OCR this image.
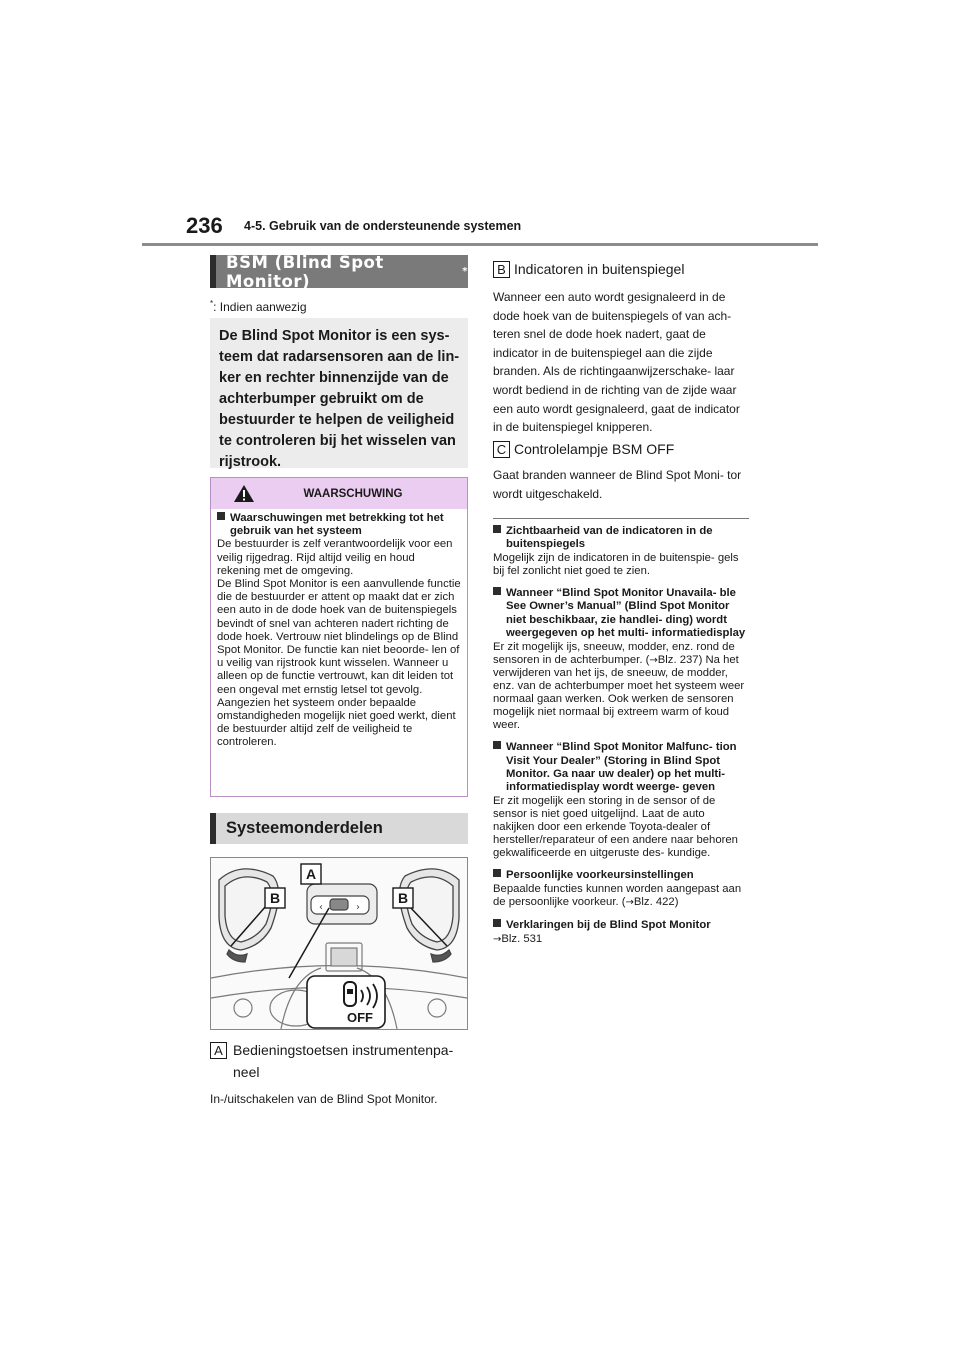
236 4-5. Gebruik van de ondersteunende systemen
BSM (Blind Spot Monitor)	*
*: Indien aanwezig
De Blind Spot Monitor is een sys- teem dat radarsensoren aan de lin- ker en rechter binnenzijde van de achterbumper gebruikt om de bestuurder te helpen de veiligheid te controleren bij het wisselen van rijstrook.
WAARSCHUWING
Waarschuwingen met betrekking tot het gebruik van het systeem
De bestuurder is zelf verantwoordelijk voor een veilig rijgedrag. Rijd altijd veilig en houd rekening met de omgeving.
De Blind Spot Monitor is een aanvullende functie die de bestuurder er attent op maakt dat er zich een auto in de dode hoek van de buitenspiegels bevindt of snel van achteren nadert richting de dode hoek. Vertrouw niet blindelings op de Blind Spot Monitor. De functie kan niet beoorde- len of u veilig van rijstrook kunt wisselen. Wanneer u alleen op de functie vertrouwt, kan dit leiden tot een ongeval met ernstig letsel tot gevolg.
Aangezien het systeem onder bepaalde omstandigheden mogelijk niet goed werkt, dient de bestuurder altijd zelf de veiligheid te controleren.
Systeemonderdelen
‹	›
B	B
A
OFF
A Bedieningstoetsen instrumentenpa- neel
In-/uitschakelen van de Blind Spot Monitor.
B Indicatoren in buitenspiegel
Wanneer een auto wordt gesignaleerd in de dode hoek van de buitenspiegels of van ach- teren snel de dode hoek nadert, gaat de indicator in de buitenspiegel aan die zijde branden. Als de richtingaanwijzerschake- laar wordt bediend in de richting van de zijde waar een auto wordt gesignaleerd, gaat de indicator in de buitenspiegel knipperen.
C Controlelampje BSM OFF
Gaat branden wanneer de Blind Spot Moni- tor wordt uitgeschakeld.
Zichtbaarheid van de indicatoren in de buitenspiegels
Mogelijk zijn de indicatoren in de buitenspie- gels bij fel zonlicht niet goed te zien.
Wanneer “Blind Spot Monitor Unavaila- ble See Owner’s Manual” (Blind Spot Monitor niet beschikbaar, zie handlei- ding) wordt weergegeven op het multi- informatiedisplay
Er zit mogelijk ijs, sneeuw, modder, enz. rond de sensoren in de achterbumper. (→Blz. 237) Na het verwijderen van het ijs, de sneeuw, de modder, enz. van de achterbumper moet het systeem weer normaal gaan werken. Ook werken de sensoren mogelijk niet normaal bij extreem warm of koud weer.
Wanneer “Blind Spot Monitor Malfunc- tion Visit Your Dealer” (Storing in Blind Spot Monitor. Ga naar uw dealer) op het multi-informatiedisplay wordt weerge- geven
Er zit mogelijk een storing in de sensor of de sensor is niet goed uitgelijnd. Laat de auto nakijken door een erkende Toyota-dealer of hersteller/reparateur of een andere naar behoren gekwalificeerde en uitgeruste des- kundige.
Persoonlijke voorkeursinstellingen
Bepaalde functies kunnen worden aangepast aan de persoonlijke voorkeur. (→Blz. 422)
Verklaringen bij de Blind Spot Monitor
→Blz. 531
